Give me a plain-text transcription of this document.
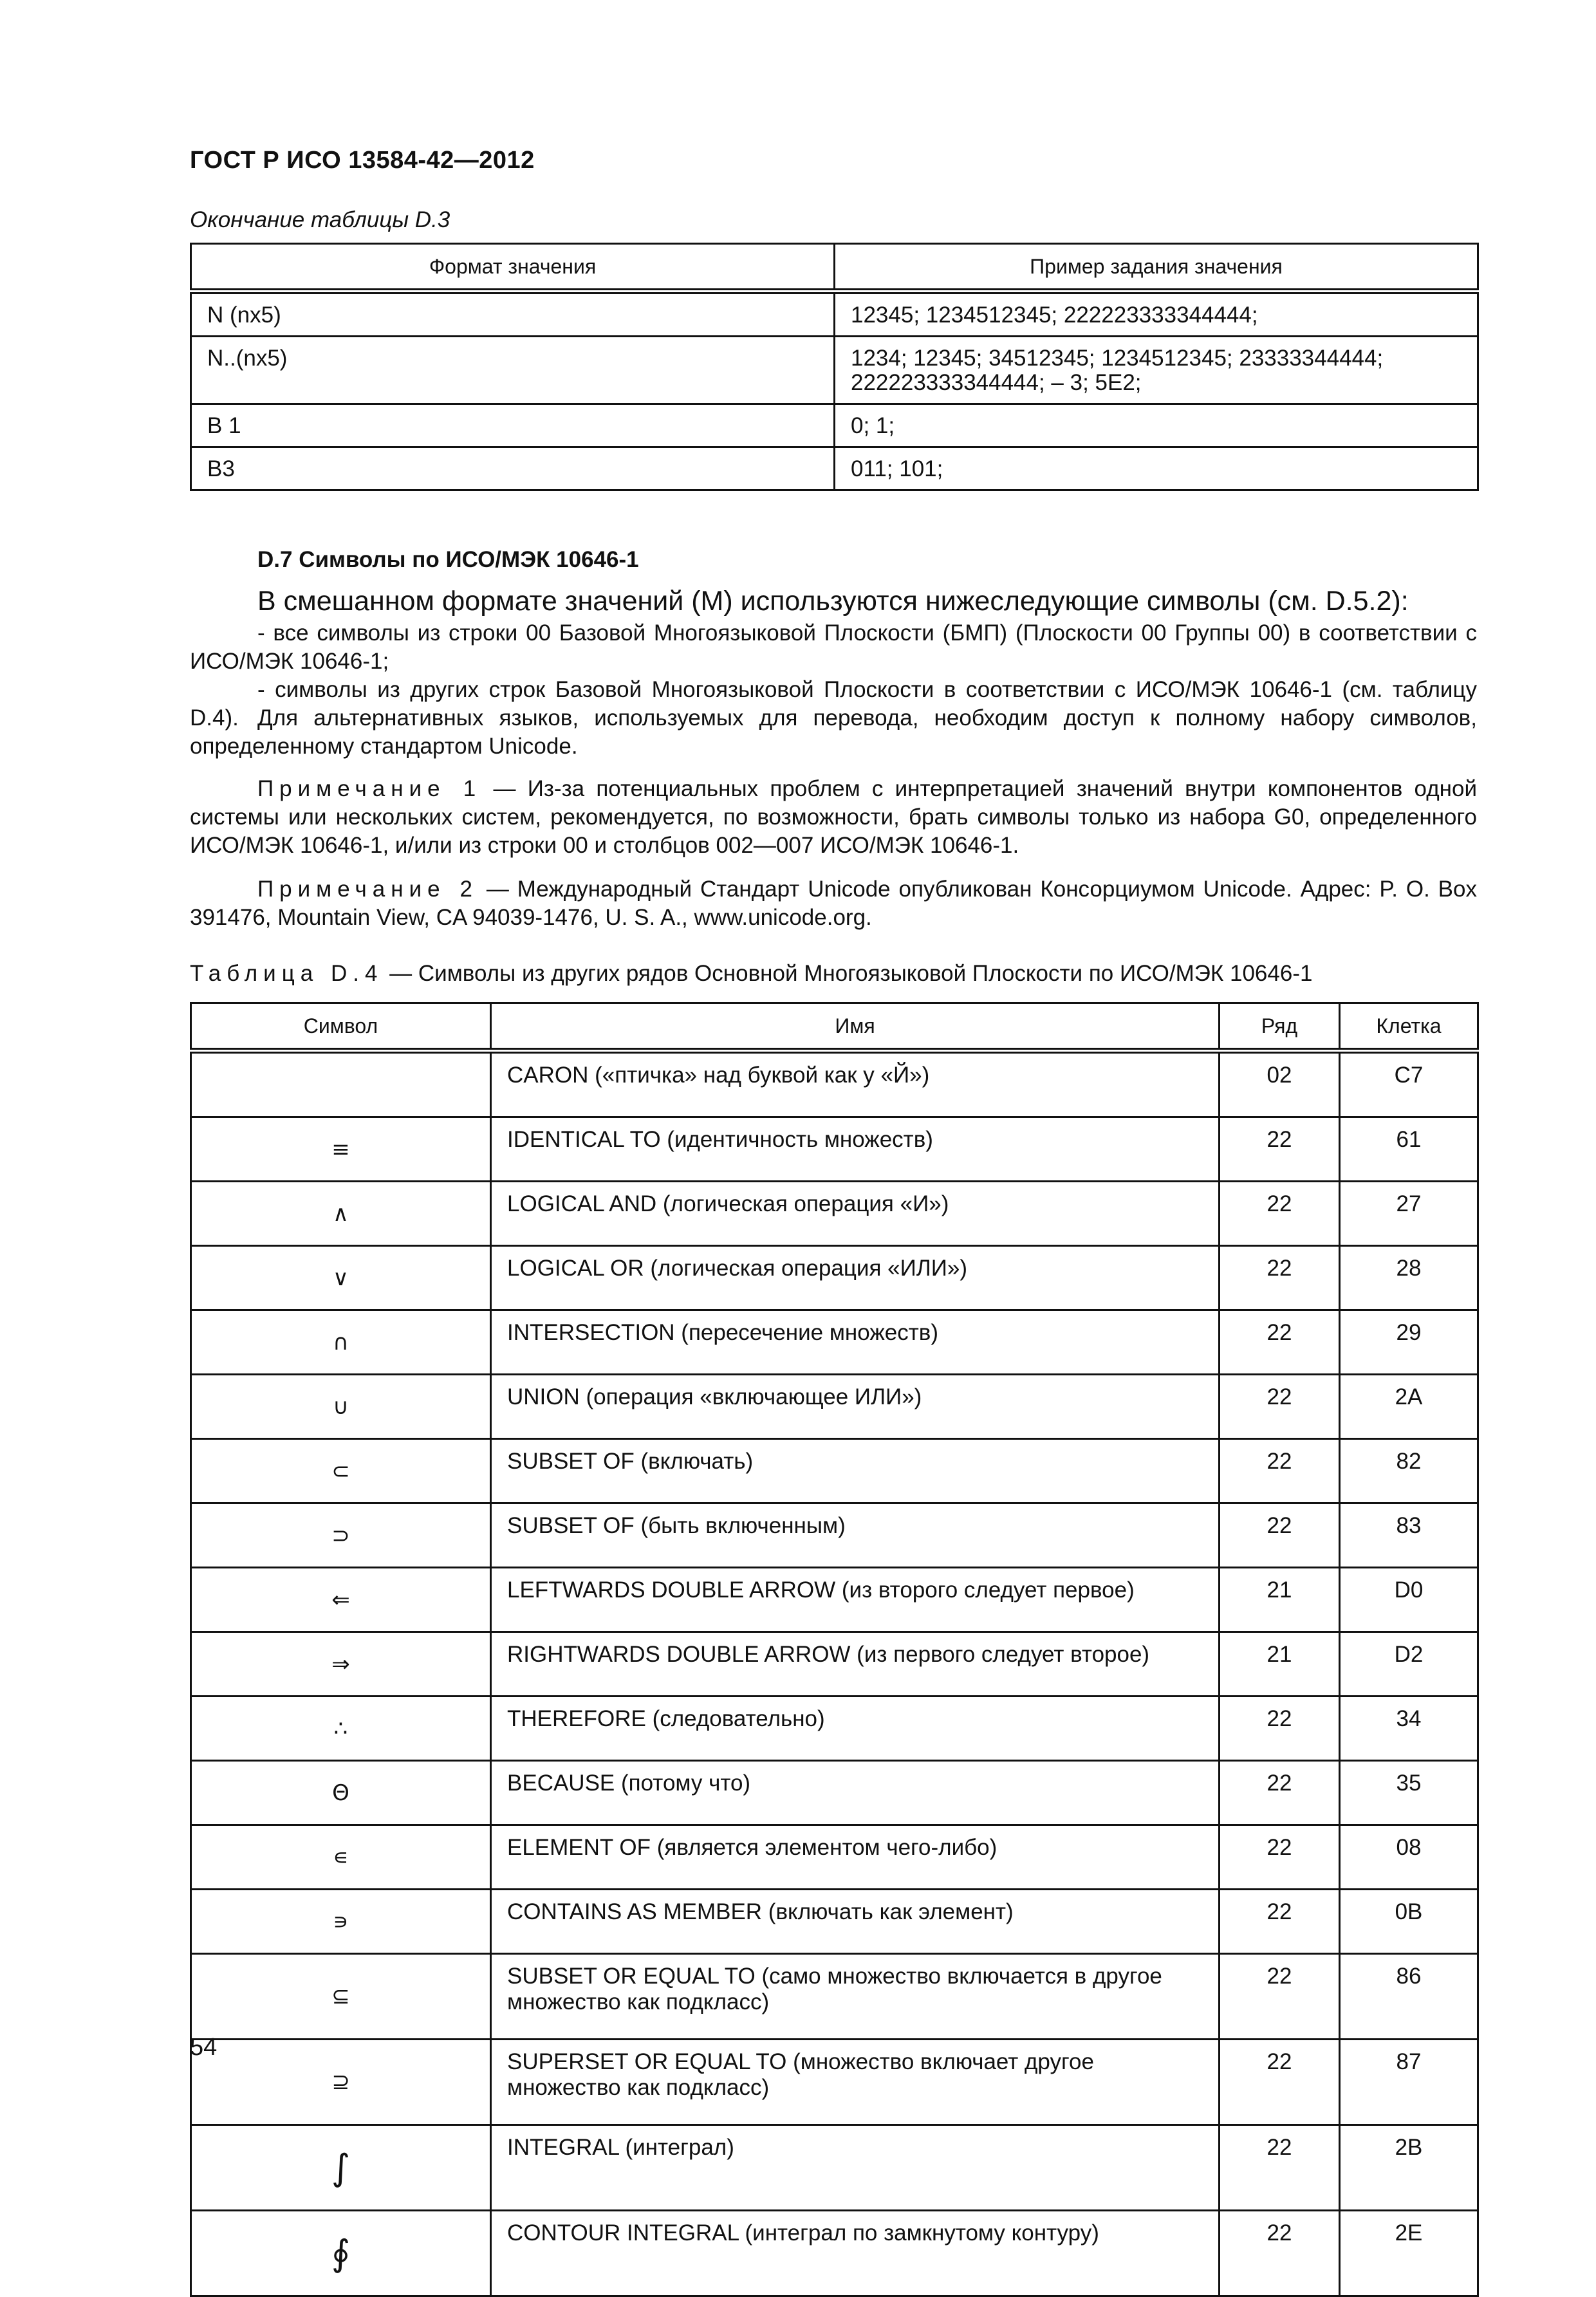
ГОСТ Р ИСО 13584-42—2012
Окончание таблицы D.3
Формат значения	Пример задания значения
N (nx5)	12345; 1234512345; 222223333344444;
N..(nx5)	1234; 12345; 34512345; 1234512345; 23333344444; 222223333344444; – 3; 5E2;
B 1	0; 1;
B3	011; 101;
D.7 Символы по ИСО/МЭК 10646-1
В смешанном формате значений (М) используются нижеследующие символы (см. D.5.2):
- все символы из строки 00 Базовой Многоязыковой Плоскости (БМП) (Плоскости 00 Группы 00) в соответствии с ИСО/МЭК 10646-1;
- символы из других строк Базовой Многоязыковой Плоскости в соответствии с ИСО/МЭК 10646-1 (см. таблицу D.4). Для альтернативных языков, используемых для перевода, необходим доступ к полному набору символов, определенному стандартом Unicode.
Примечание 1 — Из-за потенциальных проблем с интерпретацией значений внутри компонентов одной системы или нескольких систем, рекомендуется, по возможности, брать символы только из набора G0, определенного ИСО/МЭК 10646-1, и/или из строки 00 и столбцов 002—007 ИСО/МЭК 10646-1.
Примечание 2 — Международный Стандарт Unicode опубликован Консорциумом Unicode. Адрес: P. O. Box 391476, Mountain View, CA 94039-1476, U. S. A., www.unicode.org.
Таблица D.4 — Символы из других рядов Основной Многоязыковой Плоскости по ИСО/МЭК 10646-1
Символ	Имя	Ряд	Клетка
	CARON («птичка» над буквой как у «Й»)	02	C7
≡	IDENTICAL TO (идентичность множеств)	22	61
∧	LOGICAL AND (логическая операция «И»)	22	27
∨	LOGICAL OR (логическая операция «ИЛИ»)	22	28
∩	INTERSECTION (пересечение множеств)	22	29
∪	UNION (операция «включающее ИЛИ»)	22	2A
⊂	SUBSET OF (включать)	22	82
⊃	SUBSET OF (быть включенным)	22	83
⇐	LEFTWARDS DOUBLE ARROW (из второго следует первое)	21	D0
⇒	RIGHTWARDS DOUBLE ARROW (из первого следует второе)	21	D2
∴	THEREFORE (следовательно)	22	34
Θ	BECAUSE (потому что)	22	35
∊	ELEMENT OF (является элементом чего-либо)	22	08
∍	CONTAINS AS MEMBER (включать как элемент)	22	0B
⊆	SUBSET OR EQUAL TO (само множество включается в другое множество как подкласс)	22	86
⊇	SUPERSET OR EQUAL TO (множество включает другое множество как подкласс)	22	87
∫	INTEGRAL (интеграл)	22	2B
∮	CONTOUR INTEGRAL (интеграл по замкнутому контуру)	22	2E
54
